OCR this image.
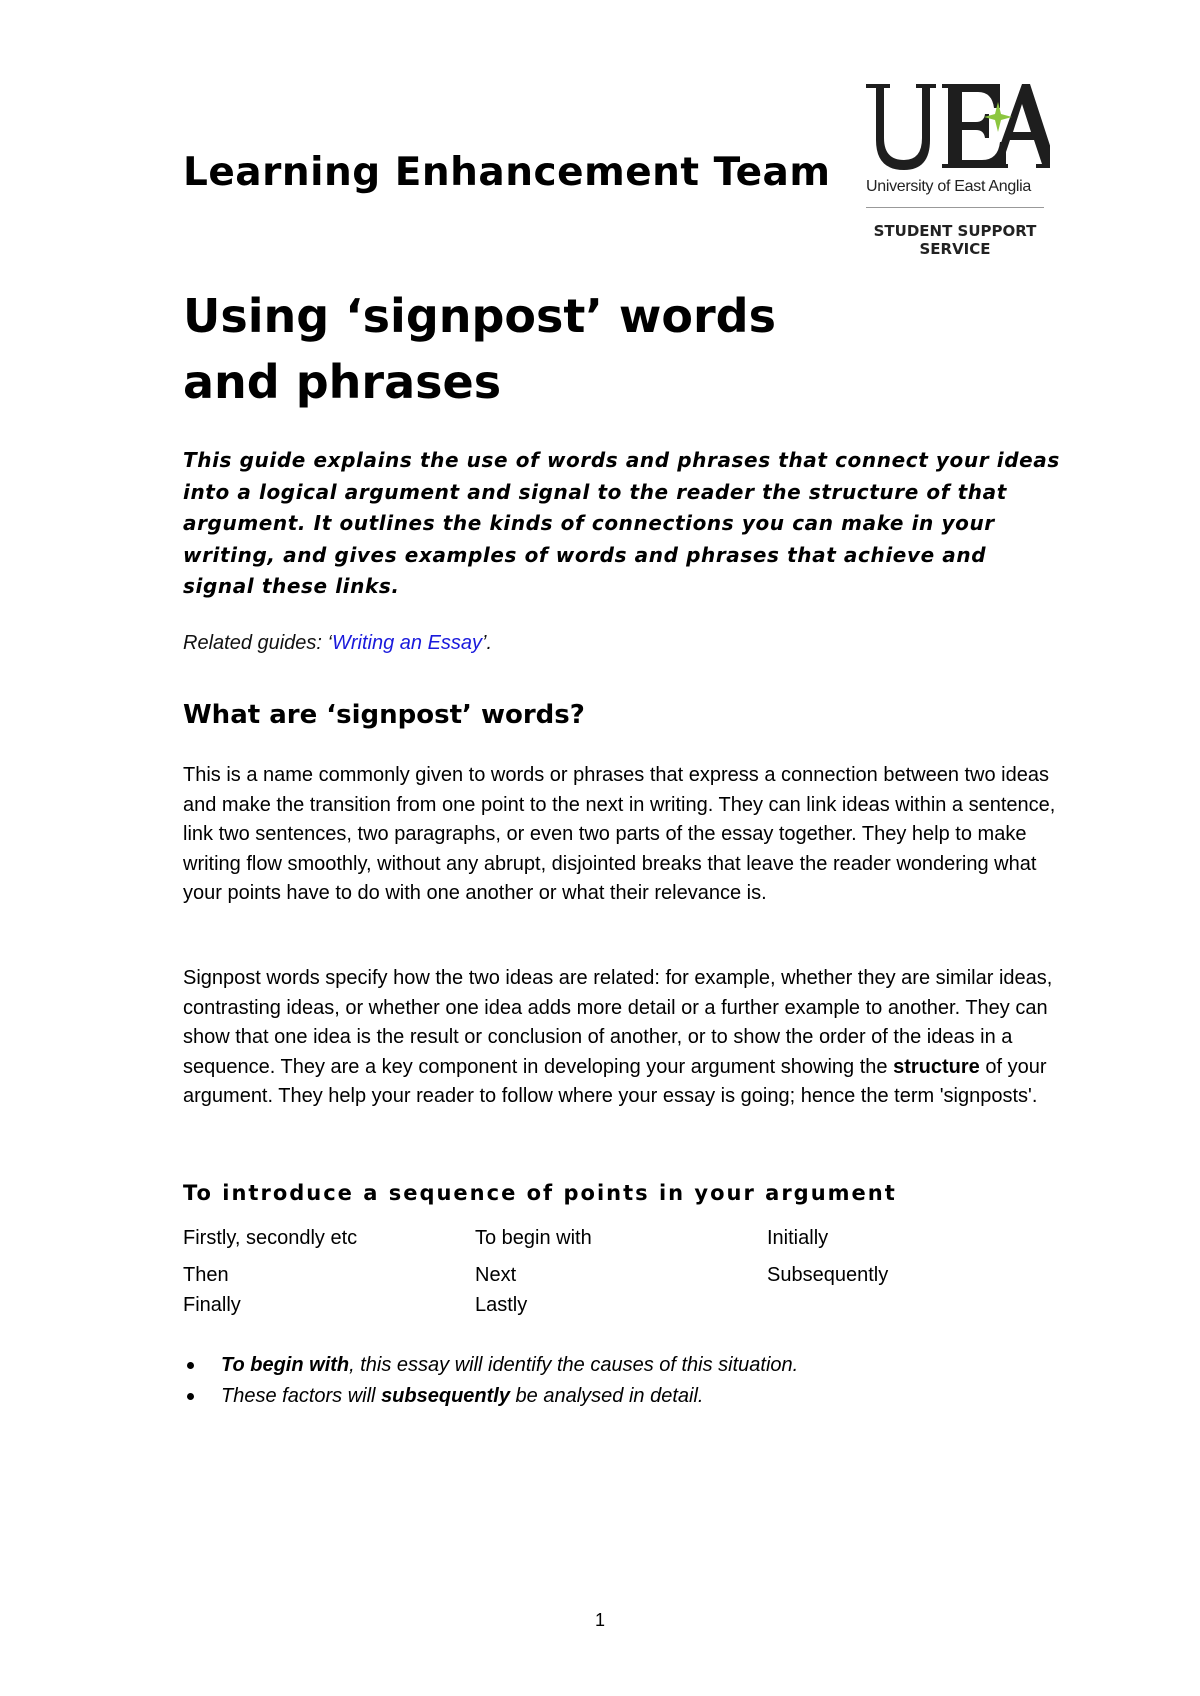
Learning Enhancement Team University of East Anglia
STUDENT SUPPORT
SERVICE
Using ‘signpost’ words
and phrases

This guide explains the use of words and phrases that connect your ideas into a logical argument and signal to the reader the structure of that argument. It outlines the kinds of connections you can make in your writing, and gives examples of words and phrases that achieve and signal these links.

Related guides: ‘Writing an Essay’.

What are ‘signpost’ words?

This is a name commonly given to words or phrases that express a connection between two ideas and make the transition from one point to the next in writing. They can link ideas within a sentence, link two sentences, two paragraphs, or even two parts of the essay together. They help to make writing flow smoothly, without any abrupt, disjointed breaks that leave the reader wondering what your points have to do with one another or what their relevance is.

Signpost words specify how the two ideas are related: for example, whether they are similar ideas, contrasting ideas, or whether one idea adds more detail or a further example to another. They can show that one idea is the result or conclusion of another, or to show the order of the ideas in a sequence. They are a key component in developing your argument showing the structure of your argument. They help your reader to follow where your essay is going; hence the term 'signposts'.

To introduce a sequence of points in your argument
Firstly, secondly etc	To begin with	Initially
Then	Next	Subsequently
Finally	Lastly
To begin with, this essay will identify the causes of this situation.
These factors will subsequently be analysed in detail.
1
